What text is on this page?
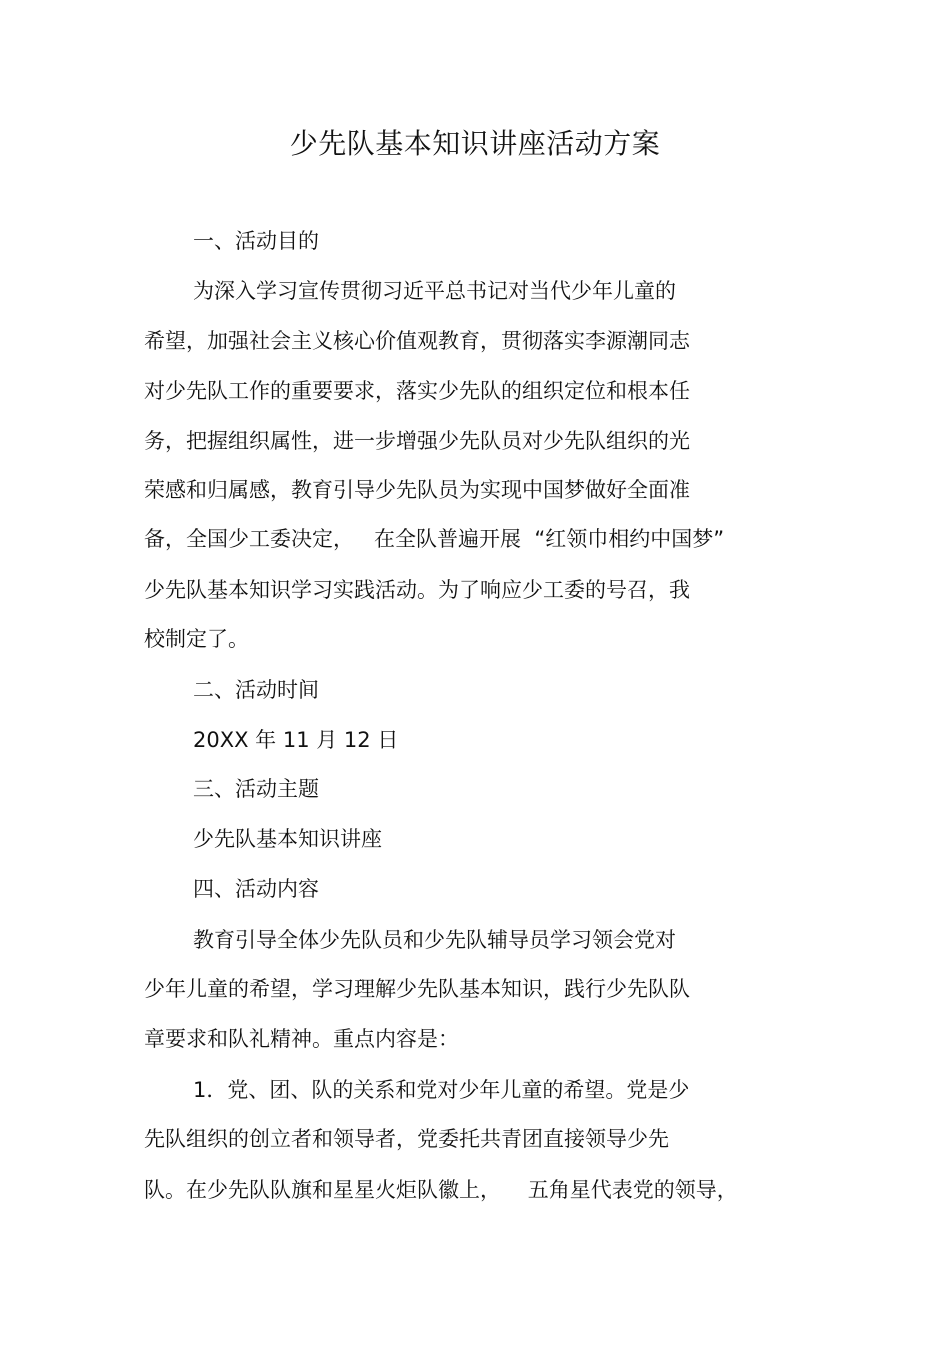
少先队基本知识讲座活动方案
一、活动目的
为深入学习宣传贯彻习近平总书记对当代少年儿童的
希望，加强社会主义核心价值观教育，贯彻落实李源潮同志
对少先队工作的重要要求，落实少先队的组织定位和根本任
务，把握组织属性，进一步增强少先队员对少先队组织的光
荣感和归属感，教育引导少先队员为实现中国梦做好全面准
备，全国少工委决定，   在全队普遍开展  “红领巾相约中国梦”
少先队基本知识学习实践活动。为了响应少工委的号召，我
校制定了。
二、活动时间
20XX 年 11 月 12 日
三、活动主题
少先队基本知识讲座
四、活动内容
教育引导全体少先队员和少先队辅导员学习领会党对
少年儿童的希望，学习理解少先队基本知识，践行少先队队
章要求和队礼精神。重点内容是：
1．党、团、队的关系和党对少年儿童的希望。党是少
先队组织的创立者和领导者，党委托共青团直接领导少先
队。在少先队队旗和星星火炬队徽上，    五角星代表党的领导，
